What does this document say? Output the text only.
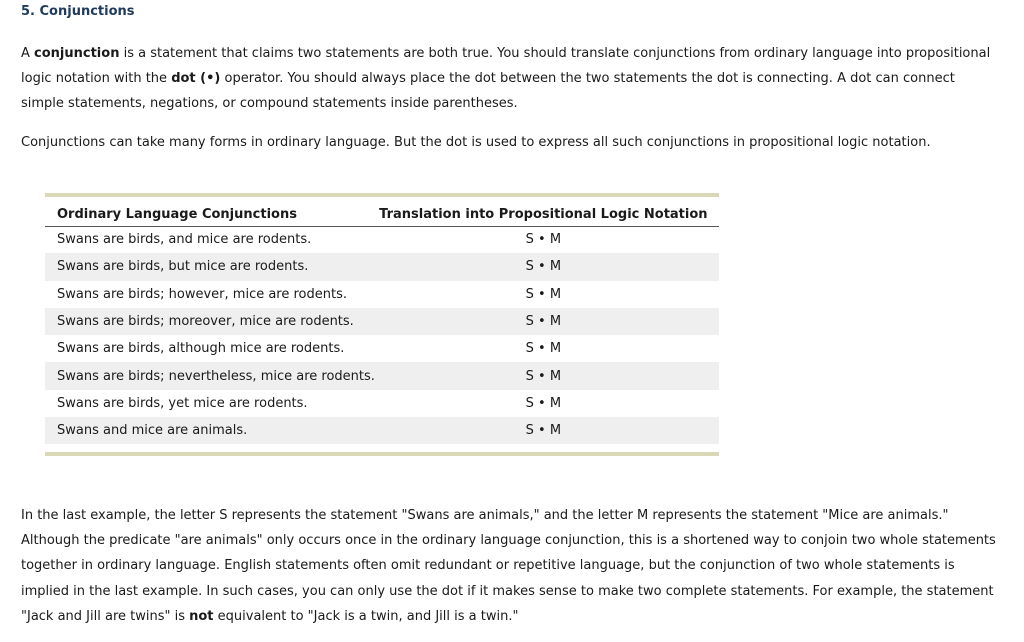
5. Conjunctions

A conjunction is a statement that claims two statements are both true. You should translate conjunctions from ordinary language into propositional logic notation with the dot (•) operator. You should always place the dot between the two statements the dot is connecting. A dot can connect simple statements, negations, or compound statements inside parentheses.

Conjunctions can take many forms in ordinary language. But the dot is used to express all such conjunctions in propositional logic notation.

Ordinary Language Conjunctions	Translation into Propositional Logic Notation
Swans are birds, and mice are rodents.	S • M
Swans are birds, but mice are rodents.	S • M
Swans are birds; however, mice are rodents.	S • M
Swans are birds; moreover, mice are rodents.	S • M
Swans are birds, although mice are rodents.	S • M
Swans are birds; nevertheless, mice are rodents.	S • M
Swans are birds, yet mice are rodents.	S • M
Swans and mice are animals.	S • M

In the last example, the letter S represents the statement "Swans are animals," and the letter M represents the statement "Mice are animals." Although the predicate "are animals" only occurs once in the ordinary language conjunction, this is a shortened way to conjoin two whole statements together in ordinary language. English statements often omit redundant or repetitive language, but the conjunction of two whole statements is implied in the last example. In such cases, you can only use the dot if it makes sense to make two complete statements. For example, the statement "Jack and Jill are twins" is not equivalent to "Jack is a twin, and Jill is a twin."
